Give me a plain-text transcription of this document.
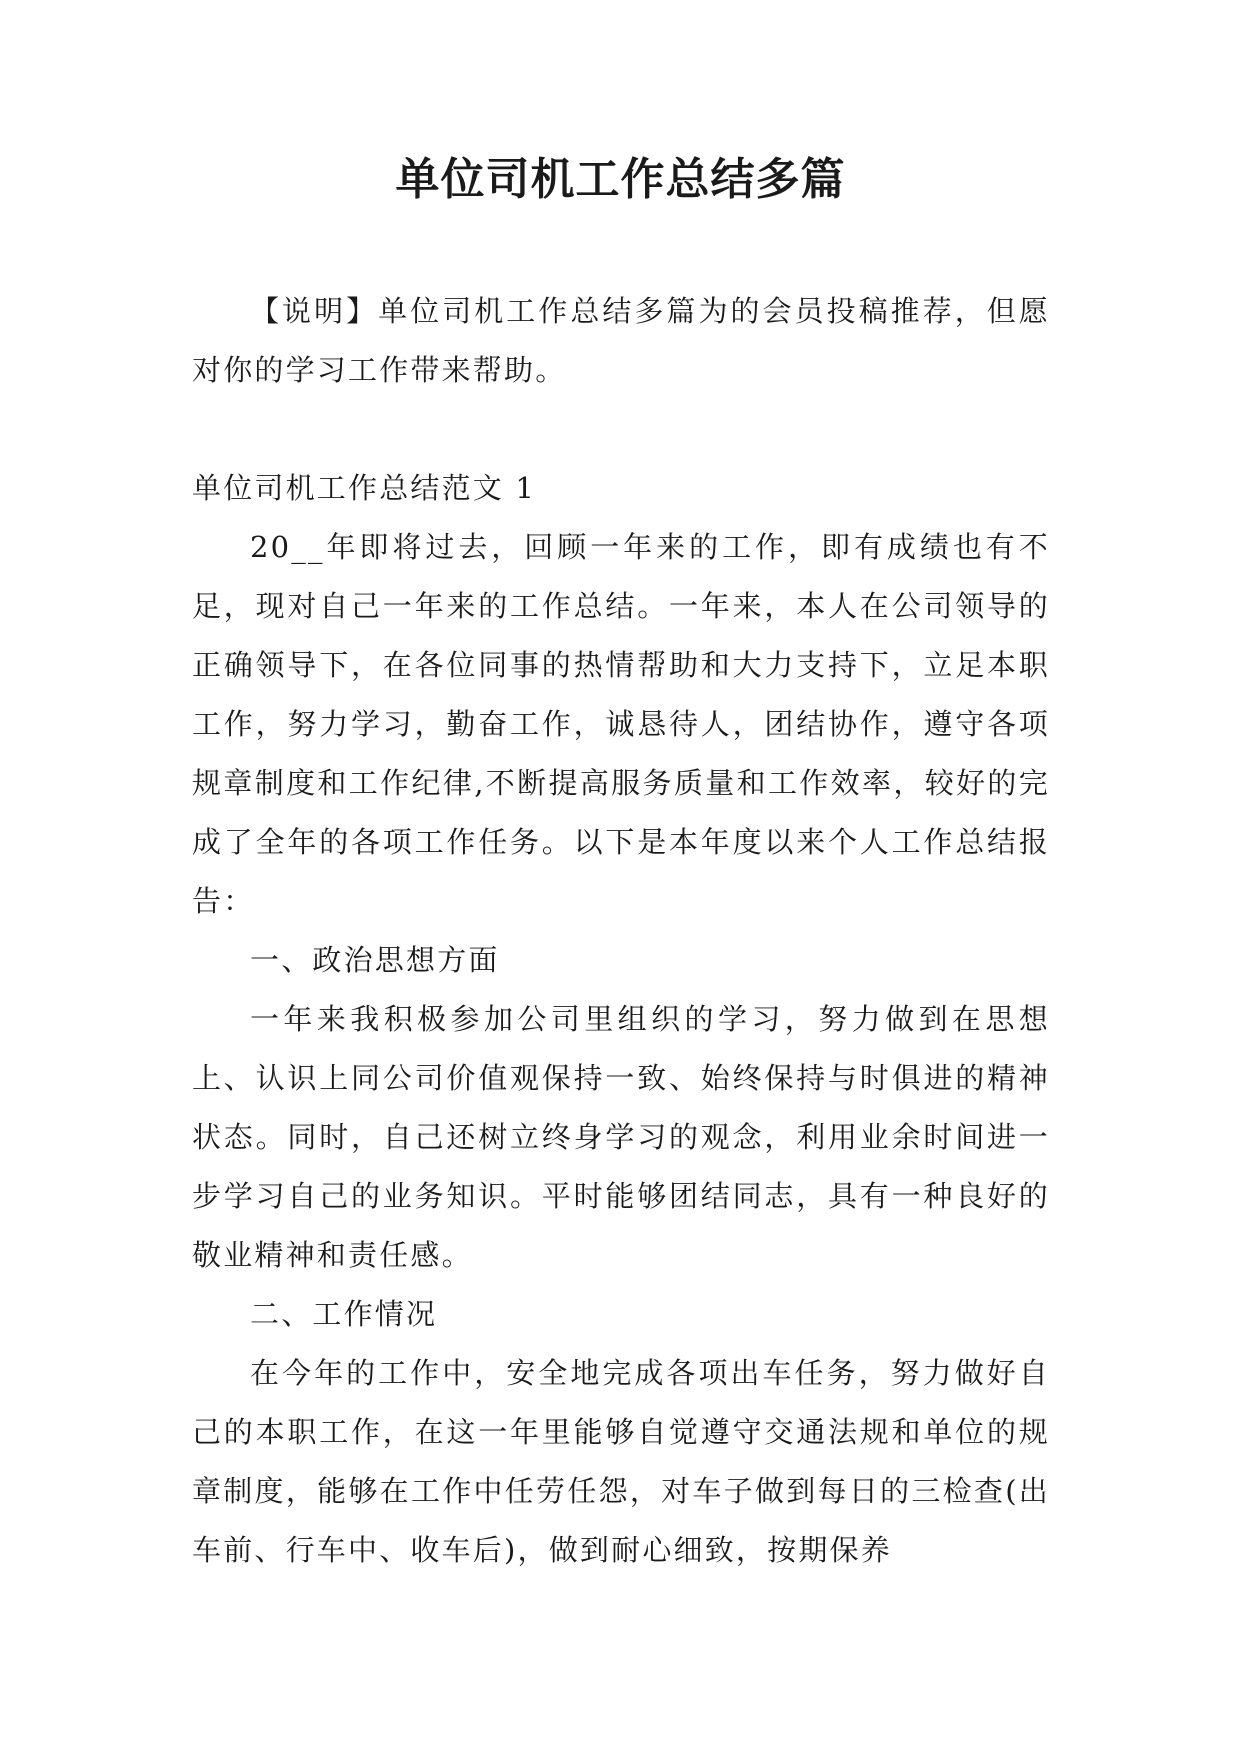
单位司机工作总结多篇

【说明】单位司机工作总结多篇为的会员投稿推荐，但愿对你的学习工作带来帮助。

单位司机工作总结范文 1

20__年即将过去，回顾一年来的工作，即有成绩也有不足，现对自己一年来的工作总结。一年来，本人在公司领导的正确领导下，在各位同事的热情帮助和大力支持下，立足本职工作，努力学习，勤奋工作，诚恳待人，团结协作，遵守各项规章制度和工作纪律,不断提高服务质量和工作效率，较好的完成了全年的各项工作任务。以下是本年度以来个人工作总结报告：

一、政治思想方面

一年来我积极参加公司里组织的学习，努力做到在思想上、认识上同公司价值观保持一致、始终保持与时俱进的精神状态。同时，自己还树立终身学习的观念，利用业余时间进一步学习自己的业务知识。平时能够团结同志，具有一种良好的敬业精神和责任感。

二、工作情况

在今年的工作中，安全地完成各项出车任务，努力做好自己的本职工作，在这一年里能够自觉遵守交通法规和单位的规章制度，能够在工作中任劳任怨，对车子做到每日的三检查(出车前、行车中、收车后)，做到耐心细致，按期保养
